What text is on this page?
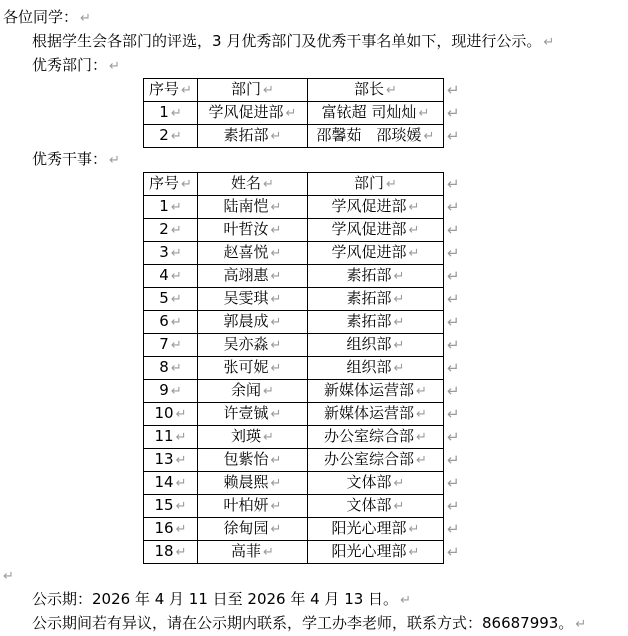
各位同学： ↵

根据学生会各部门的评选，3 月优秀部门及优秀干事名单如下，现进行公示。 ↵

优秀部门： ↵

序号 ↵	部门 ↵	部长 ↵	↵
1 ↵	学风促进部 ↵	富铱超 司灿灿 ↵	↵
2 ↵	素拓部 ↵	邵馨茹　邵琰媛 ↵	↵

优秀干事： ↵

序号 ↵	姓名 ↵	部门 ↵	↵
1 ↵	陆南恺 ↵	学风促进部 ↵	↵
2 ↵	叶哲汝 ↵	学风促进部 ↵	↵
3 ↵	赵喜悦 ↵	学风促进部 ↵	↵
4 ↵	高翊惠 ↵	素拓部 ↵	↵
5 ↵	吴雯琪 ↵	素拓部 ↵	↵
6 ↵	郭晨成 ↵	素拓部 ↵	↵
7 ↵	吴亦淼 ↵	组织部 ↵	↵
8 ↵	张可妮 ↵	组织部 ↵	↵
9 ↵	余闻 ↵	新媒体运营部 ↵	↵
10 ↵	许壹铖 ↵	新媒体运营部 ↵	↵
11 ↵	刘瑛 ↵	办公室综合部 ↵	↵
13 ↵	包紫怡 ↵	办公室综合部 ↵	↵
14 ↵	赖晨熙 ↵	文体部 ↵	↵
15 ↵	叶柏妍 ↵	文体部 ↵	↵
16 ↵	徐甸园 ↵	阳光心理部 ↵	↵
18 ↵	高菲 ↵	阳光心理部 ↵	↵

↵

公示期：2026 年 4 月 11 日至 2026 年 4 月 13 日。 ↵

公示期间若有异议，请在公示期内联系，学工办李老师，联系方式：86687993。 ↵
